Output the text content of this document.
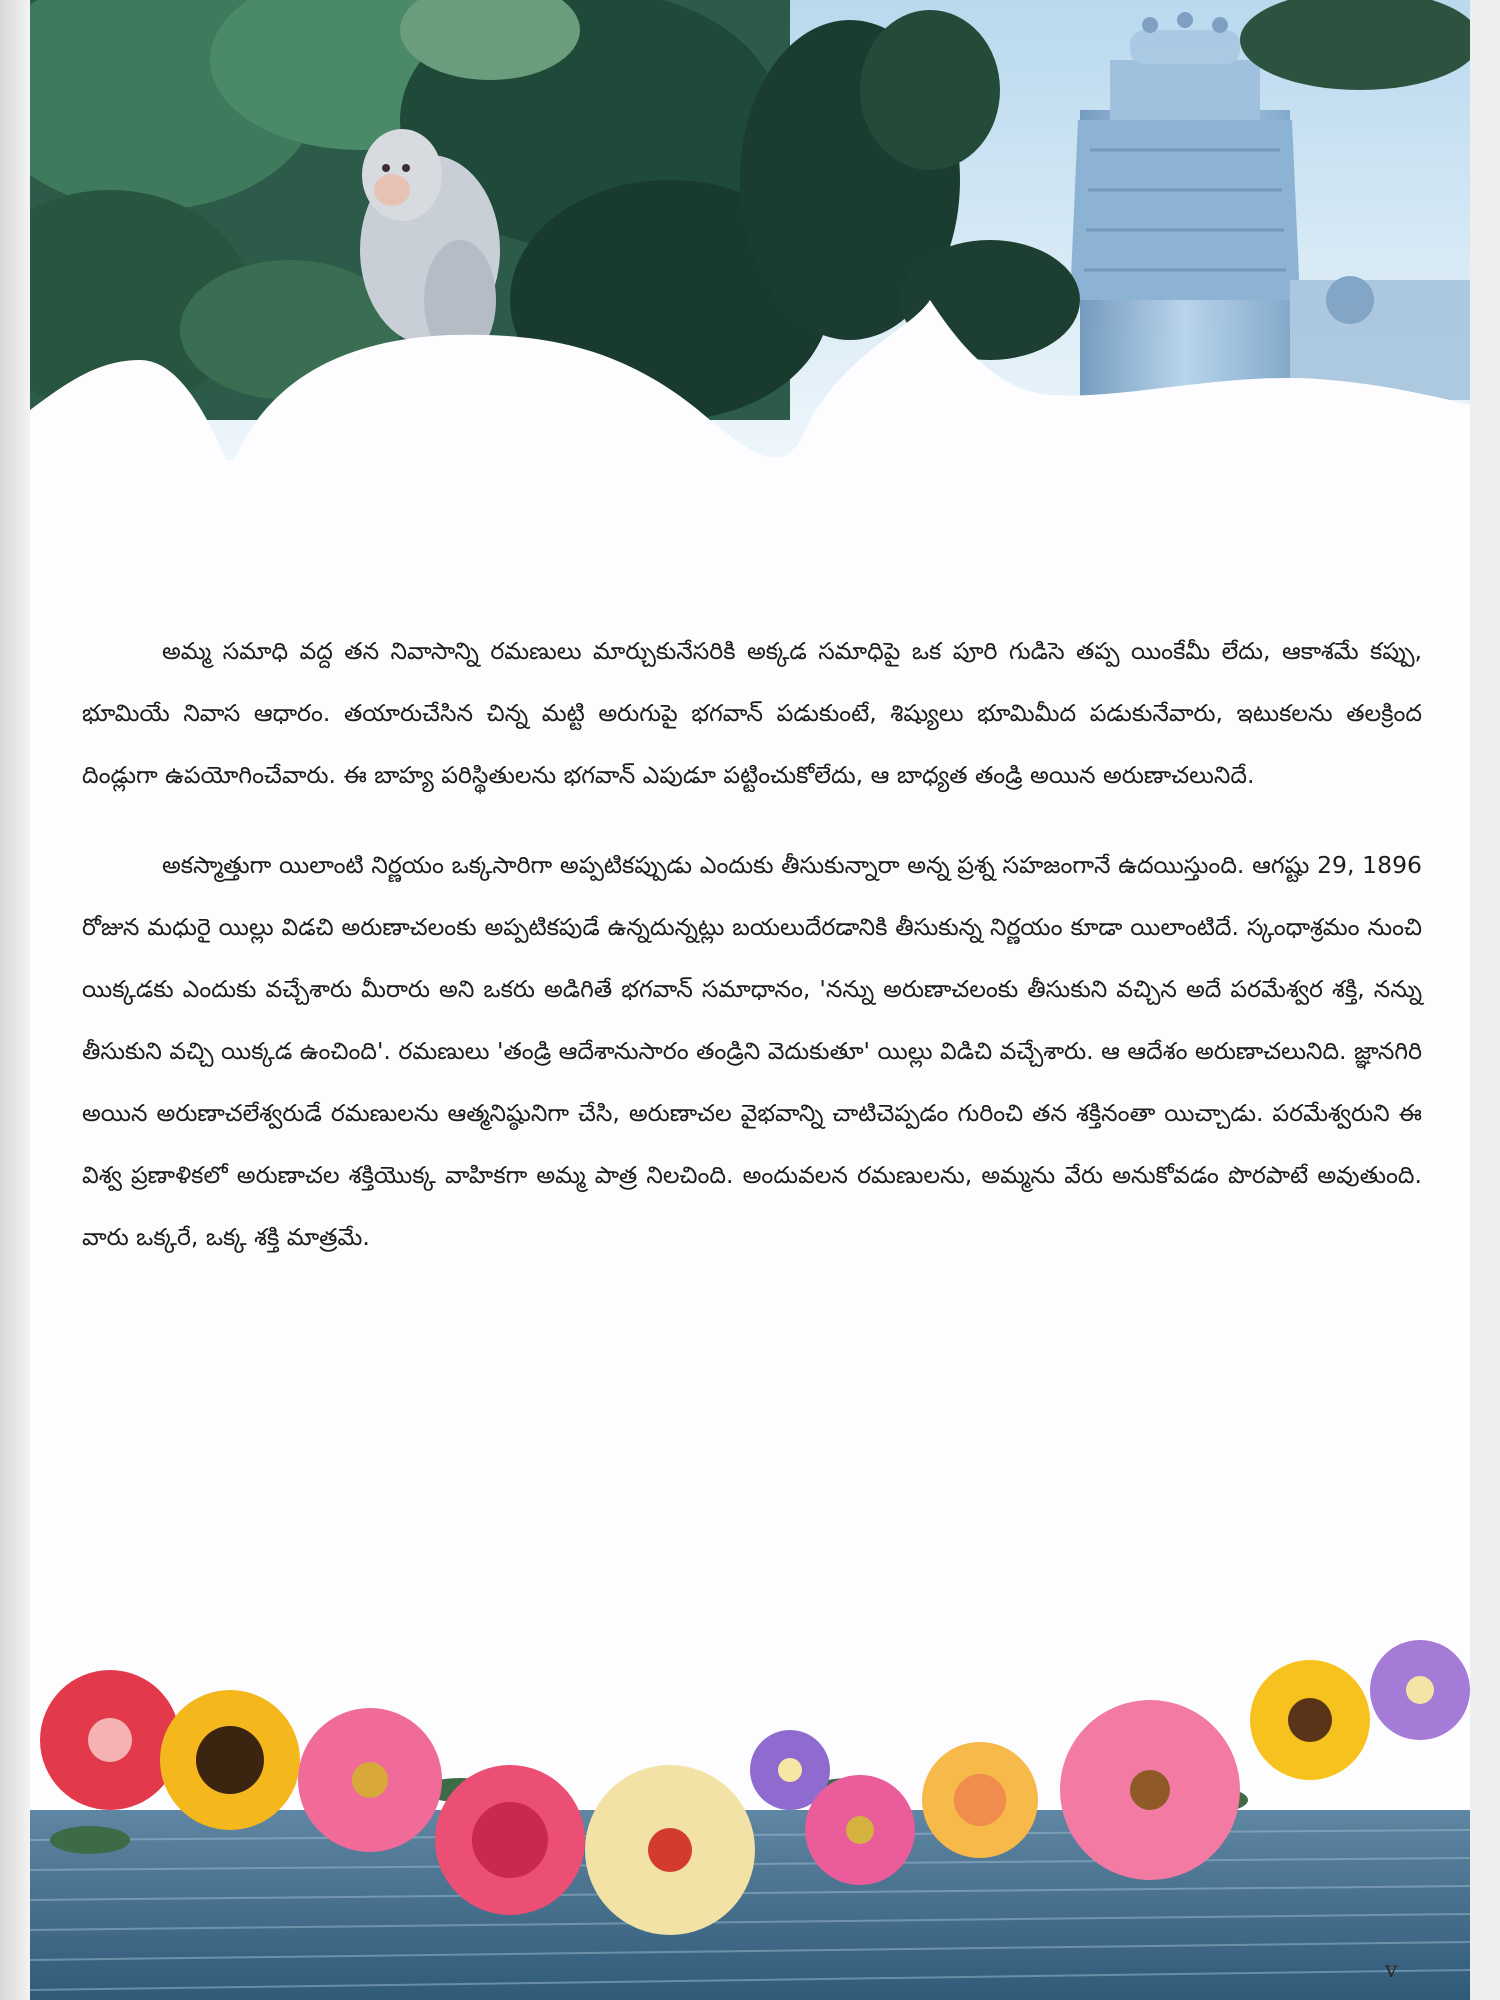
అమ్మ సమాధి వద్ద తన నివాసాన్ని రమణులు మార్చుకునేసరికి అక్కడ సమాధిపై ఒక పూరి గుడిసె తప్ప యింకేమీ లేదు, ఆకాశమే కప్పు, భూమియే నివాస ఆధారం. తయారుచేసిన చిన్న మట్టి అరుగుపై భగవాన్ పడుకుంటే, శిష్యులు భూమిమీద పడుకునేవారు, ఇటుకలను తలక్రింద దిండ్లుగా ఉపయోగించేవారు. ఈ బాహ్య పరిస్థితులను భగవాన్ ఎపుడూ పట్టించుకోలేదు, ఆ బాధ్యత తండ్రి అయిన అరుణాచలునిదే.

అకస్మాత్తుగా యిలాంటి నిర్ణయం ఒక్కసారిగా అప్పటికప్పుడు ఎందుకు తీసుకున్నారా అన్న ప్రశ్న సహజంగానే ఉదయిస్తుంది. ఆగష్టు 29, 1896 రోజున మధురై యిల్లు విడచి అరుణాచలంకు అప్పటికపుడే ఉన్నదున్నట్లు బయలుదేరడానికి తీసుకున్న నిర్ణయం కూడా యిలాంటిదే. స్కంధాశ్రమం నుంచి యిక్కడకు ఎందుకు వచ్చేశారు మీరారు అని ఒకరు అడిగితే భగవాన్ సమాధానం, 'నన్ను అరుణాచలంకు తీసుకుని వచ్చిన అదే పరమేశ్వర శక్తి, నన్ను తీసుకుని వచ్చి యిక్కడ ఉంచింది'. రమణులు 'తండ్రి ఆదేశానుసారం తండ్రిని వెదుకుతూ' యిల్లు విడిచి వచ్చేశారు. ఆ ఆదేశం అరుణాచలునిది. జ్ఞానగిరి అయిన అరుణాచలేశ్వరుడే రమణులను ఆత్మనిష్ఠునిగా చేసి, అరుణాచల వైభవాన్ని చాటిచెప్పడం గురించి తన శక్తినంతా యిచ్చాడు. పరమేశ్వరుని ఈ విశ్వ ప్రణాళికలో అరుణాచల శక్తియొక్క వాహికగా అమ్మ పాత్ర నిలచింది. అందువలన రమణులను, అమ్మను వేరు అనుకోవడం పొరపాటే అవుతుంది. వారు ఒక్కరే, ఒక్క శక్తి మాత్రమే.

v
